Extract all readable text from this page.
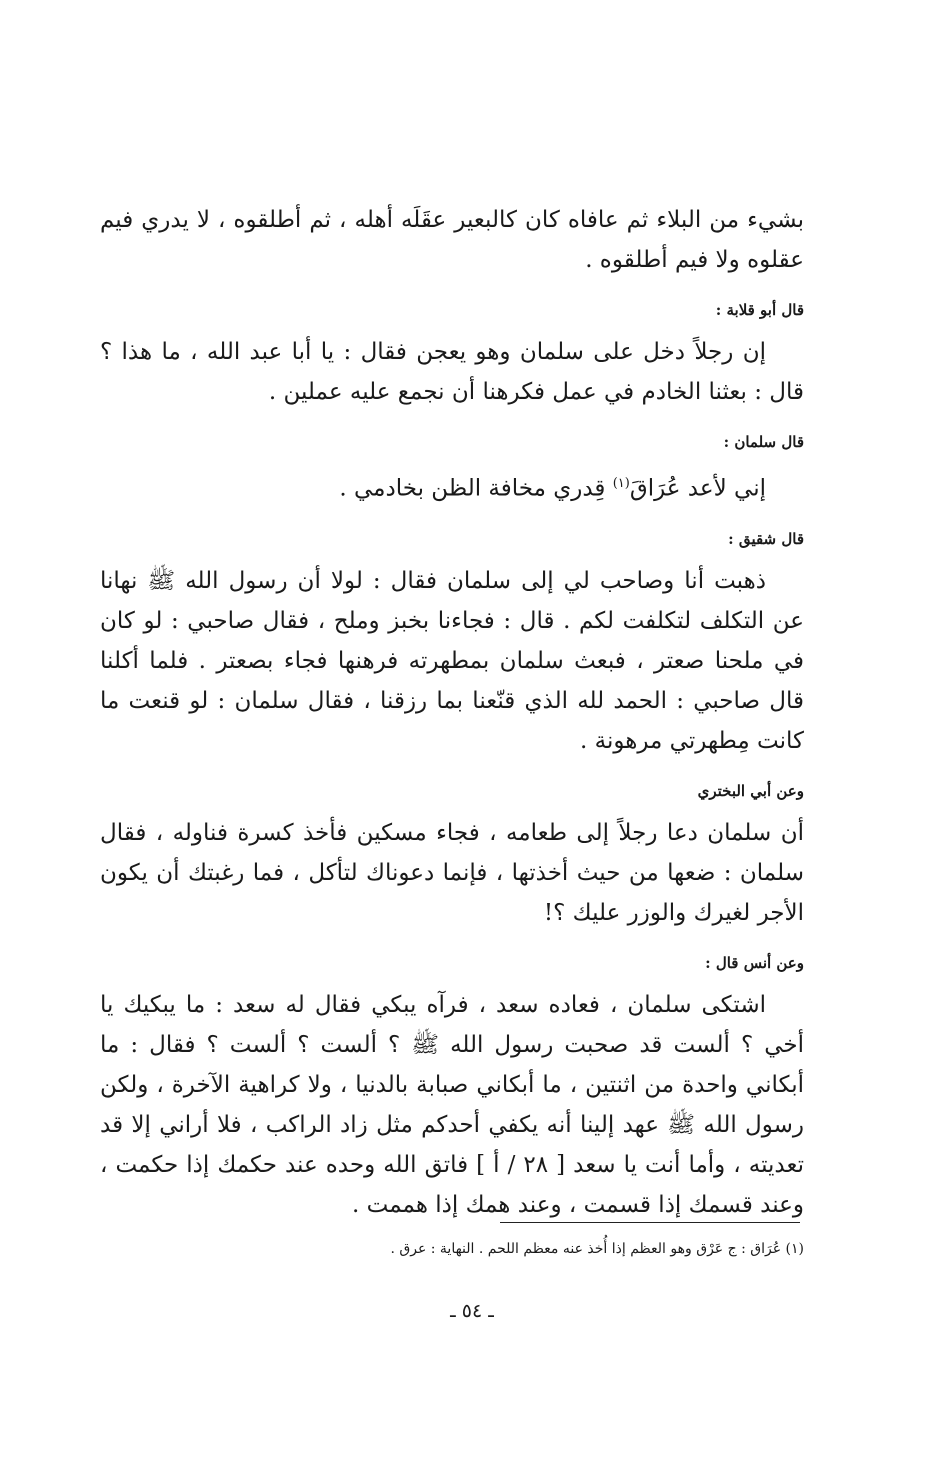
بشيء من البلاء ثم عافاه كان كالبعير عقَلَه أهله ، ثم أطلقوه ، لا يدري فيم عقلوه ولا فيم أطلقوه .

قال أبو قلابة :

إن رجلاً دخل على سلمان وهو يعجن فقال : يا أبا عبد الله ، ما هذا ؟ قال : بعثنا الخادم في عمل فكرهنا أن نجمع عليه عملين .

قال سلمان :

إني لأعد عُرَاقَ$^{(١)}$ قِدري مخافة الظن بخادمي .

قال شقيق :

ذهبت أنا وصاحب لي إلى سلمان فقال : لولا أن رسول الله ﷺ نهانا عن التكلف لتكلفت لكم . قال : فجاءنا بخبز وملح ، فقال صاحبي : لو كان في ملحنا صعتر ، فبعث سلمان بمطهرته فرهنها فجاء بصعتر . فلما أكلنا قال صاحبي : الحمد لله الذي قنّعنا بما رزقنا ، فقال سلمان : لو قنعت ما كانت مِطهرتي مرهونة .

وعن أبي البختري

أن سلمان دعا رجلاً إلى طعامه ، فجاء مسكين فأخذ كسرة فناوله ، فقال سلمان : ضعها من حيث أخذتها ، فإنما دعوناك لتأكل ، فما رغبتك أن يكون الأجر لغيرك والوزر عليك ؟!

وعن أنس قال :

اشتكى سلمان ، فعاده سعد ، فرآه يبكي فقال له سعد : ما يبكيك يا أخي ؟ ألست قد صحبت رسول الله ﷺ ؟ ألست ؟ ألست ؟ فقال : ما أبكاني واحدة من اثنتين ، ما أبكاني صبابة بالدنيا ، ولا كراهية الآخرة ، ولكن رسول الله ﷺ عهد إلينا أنه يكفي أحدكم مثل زاد الراكب ، فلا أراني إلا قد تعديته ، وأما أنت يا سعد [ ٢٨ / أ ] فاتق الله وحده عند حكمك إذا حكمت ، وعند قسمك إذا قسمت ، وعند همك إذا هممت .

(١) عُرَاق : ج عَرْق وهو العظم إذا أُخذ عنه معظم اللحم . النهاية : عرق .
ـ ٥٤ ـ
